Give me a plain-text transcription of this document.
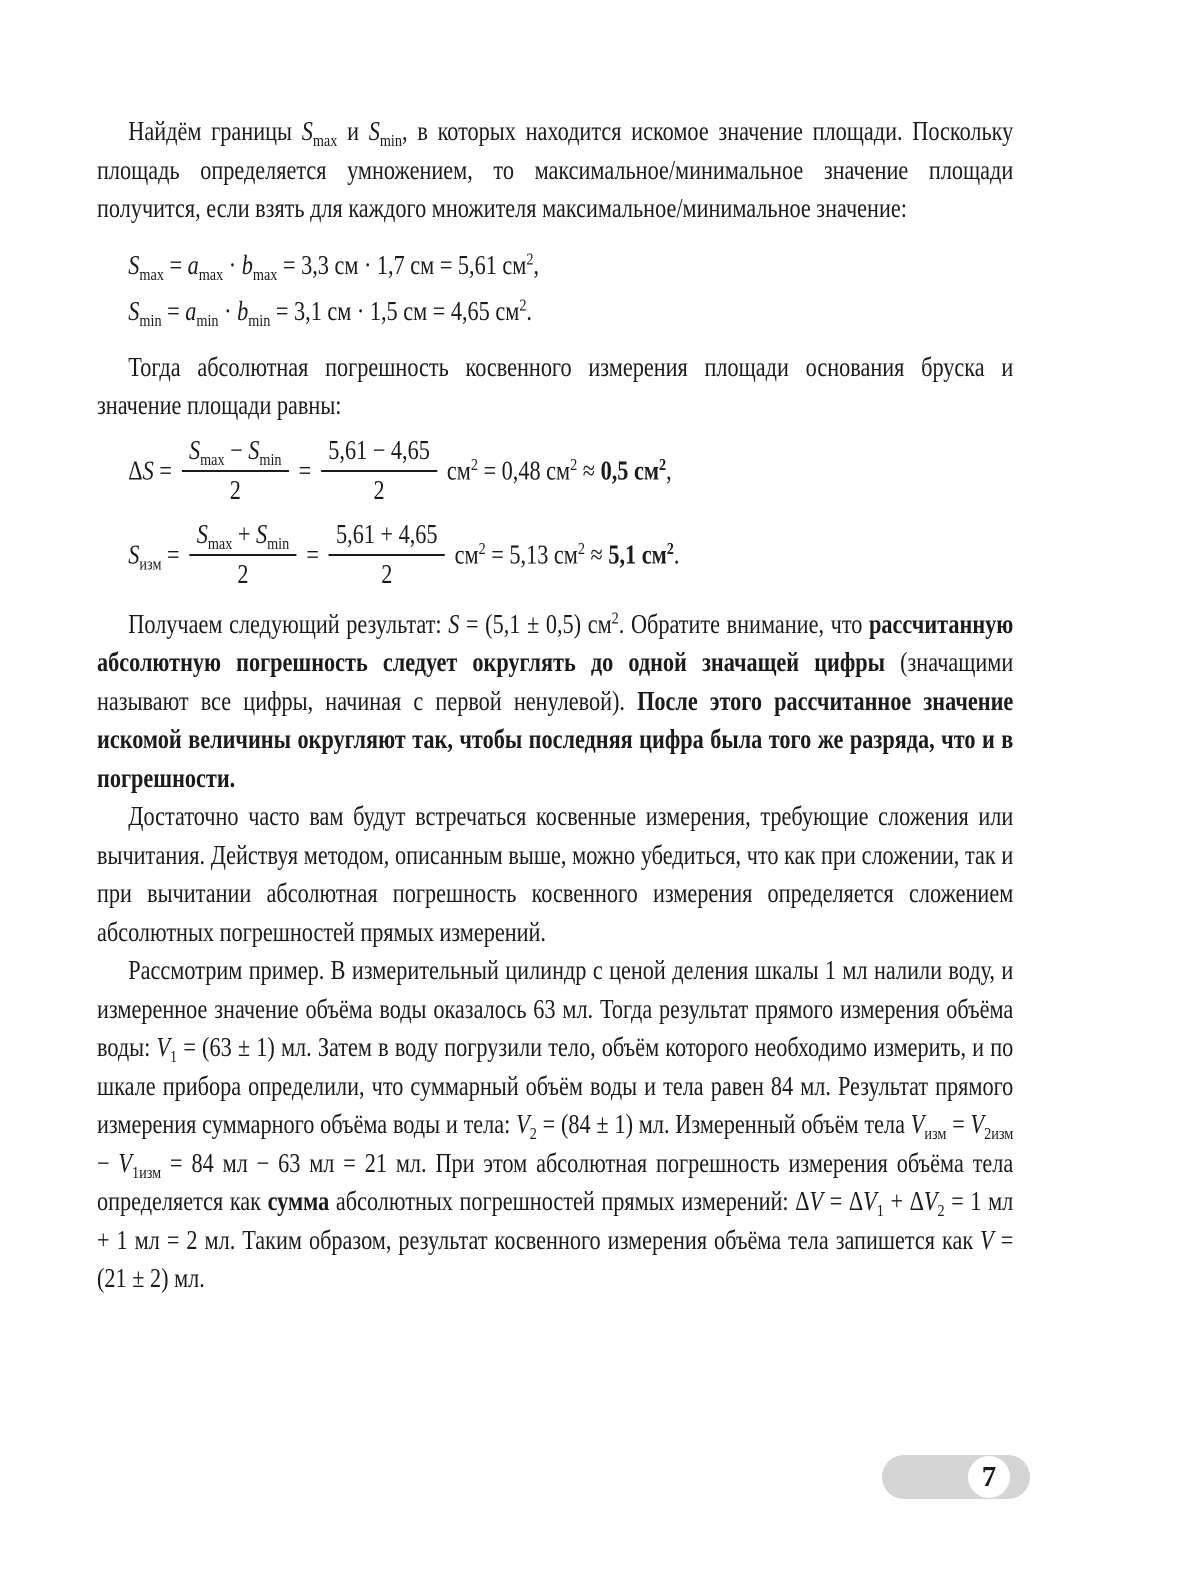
Найдём границы $S_{max}$ и $S_{min}$, в которых находится искомое значение площади. Поскольку площадь определяется умножением, то максимальное/минимальное значение площади получится, если взять для каждого множителя максимальное/минимальное значение:

$S_{max} = a_{max} \cdot b_{max} = 3,3$ см · 1,7 см = 5,61 $см^2$,
$S_{min} = a_{min} \cdot b_{min} = 3,1$ см · 1,5 см = 4,65 $см^2$.

Тогда абсолютная погрешность косвенного измерения площади основания бруска и значение площади равны:

$\Delta S = \frac{S_{max} - S_{min}}{2} = \frac{5,61 - 4,65}{2} см^2 = 0,48$ $см^2 \approx 0,5$ $см^2$,
$S_{изм} = \frac{S_{max} + S_{min}}{2} = \frac{5,61 + 4,65}{2} см^2 = 5,13$ $см^2 \approx 5,1$ $см^2$.

Получаем следующий результат: S = (5,1 ± 0,5) $см^2$. Обратите внимание, что рассчитанную абсолютную погрешность следует округлять до одной значащей цифры (значащими называют все цифры, начиная с первой ненулевой). После этого рассчитанное значение искомой величины округляют так, чтобы последняя цифра была того же разряда, что и в погрешности.

Достаточно часто вам будут встречаться косвенные измерения, требующие сложения или вычитания. Действуя методом, описанным выше, можно убедиться, что как при сложении, так и при вычитании абсолютная погрешность косвенного измерения определяется сложением абсолютных погрешностей прямых измерений.

Рассмотрим пример. В измерительный цилиндр с ценой деления шкалы 1 мл налили воду, и измеренное значение объёма воды оказалось 63 мл. Тогда результат прямого измерения объёма воды: $V_1 = (63 \pm 1)$ мл. Затем в воду погрузили тело, объём которого необходимо измерить, и по шкале прибора определили, что суммарный объём воды и тела равен 84 мл. Результат прямого измерения суммарного объёма воды и тела: $V_2 = (84 \pm 1)$ мл. Измеренный объём тела $V_{изм} = V_{2изм} - V_{1изм} = 84$ мл − 63 мл = 21 мл. При этом абсолютная погрешность измерения объёма тела определяется как сумма абсолютных погрешностей прямых измерений: $\Delta V = \Delta V_1 + \Delta V_2 = 1$ мл + 1 мл = 2 мл. Таким образом, результат косвенного измерения объёма тела запишется как V = (21 ± 2) мл.

7
